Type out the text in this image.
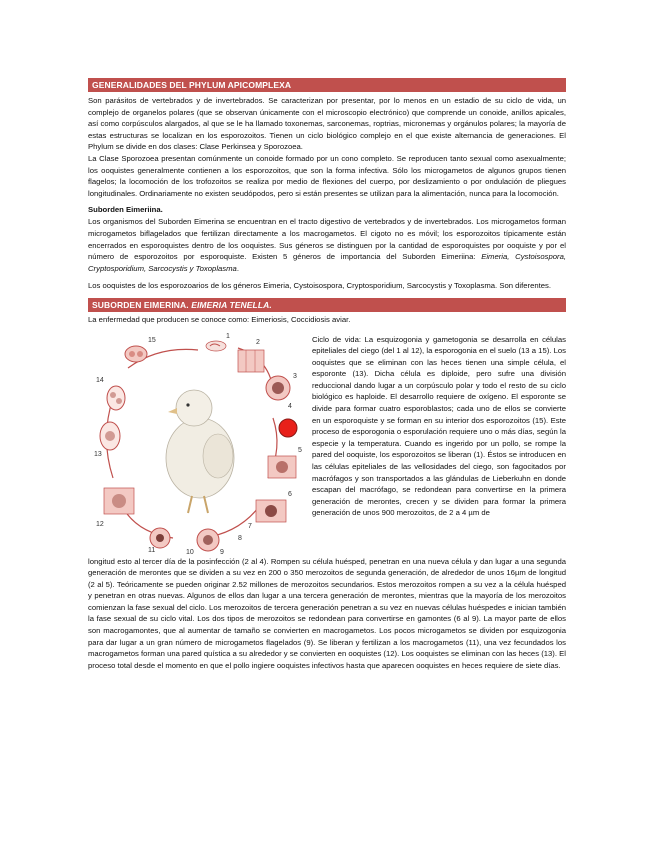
GENERALIDADES DEL PHYLUM APICOMPLEXA

Son parásitos de vertebrados y de invertebrados. Se caracterizan por presentar, por lo menos en un estadio de su ciclo de vida, un complejo de organelos polares (que se observan únicamente con el microscopio electrónico) que comprende un conoide, anillos apicales, así como corpúsculos alargados, al que se le ha llamado toxonemas, sarconemas, roptrias, micronemas y orgánulos polares; la mayoría de estas estructuras se localizan en los esporozoitos. Tienen un ciclo biológico complejo en el que existe alternancia de generaciones. El Phylum se divide en dos clases: Clase Perkinsea y Sporozoea.

La Clase Sporozoea presentan comúnmente un conoide formado por un cono completo. Se reproducen tanto sexual como asexualmente; los ooquistes generalmente contienen a los esporozoitos, que son la forma infectiva. Sólo los microgametos de algunos grupos tienen flagelos; la locomoción de los trofozoitos se realiza por medio de flexiones del cuerpo, por deslizamiento o por ondulación de pliegues longitudinales. Ordinariamente no existen seudópodos, pero si están presentes se utilizan para la alimentación, nunca para la locomoción.

Suborden Eimeriina.

Los organismos del Suborden Eimerina se encuentran en el tracto digestivo de vertebrados y de invertebrados. Los microgametos forman microgametos biflagelados que fertilizan directamente a los macrogametos. El cigoto no es móvil; los esporozoitos típicamente están encerrados en esporoquistes dentro de los ooquistes. Sus géneros se distinguen por la cantidad de esporoquistes por ooquiste y por el número de esporozoitos por esporoquiste. Existen 5 géneros de importancia del Suborden Eimeriina: Eimeria, Cystoisospora, Cryptosporidium, Sarcocystis y Toxoplasma.

Los ooquistes de los esporozoarios de los géneros Eimeria, Cystoisospora, Cryptosporidium, Sarcocystis y Toxoplasma. Son diferentes.

SUBORDEN EIMERINA. EIMERIA TENELLA.

La enfermedad que producen se conoce como: Eimeriosis, Coccidiosis aviar.

15
1
2
3
4
5
6
7
8
9
10
11
12
13
14

Ciclo de vida: La esquizogonia y gametogonia se desarrolla en células epiteliales del ciego (del 1 al 12), la esporogonia en el suelo (13 a 15). Los ooquistes que se eliminan con las heces tienen una simple célula, el esporonte (13). Dicha célula es diploide, pero sufre una división reduccional dando lugar a un corpúsculo polar y todo el resto de su ciclo biológico es haploide. El desarrollo requiere de oxígeno. El esporonte se divide para formar cuatro esporoblastos; cada uno de ellos se convierte en un esporoquiste y se forman en su interior dos esporozoitos (15). Este proceso de esporogonia o esporulación requiere uno o más días, según la especie y la temperatura. Cuando es ingerido por un pollo, se rompe la pared del ooquiste, los esporozoitos se liberan (1). Éstos se introducen en las células epiteliales de las vellosidades del ciego, son fagocitados por macrófagos y son transportados a las glándulas de Lieberkuhn en donde escapan del macrófago, se redondean para convertirse en la primera generación de merontes, crecen y se dividen para formar la primera generación de unos 900 merozoitos, de 2 a 4 µm de

longitud esto al tercer día de la posinfección (2 al 4). Rompen su célula huésped, penetran en una nueva célula y dan lugar a una segunda generación de merontes que se dividen a su vez en 200 o 350 merozoitos de segunda generación, de alrededor de unos 16µm de longitud (2 al 5). Teóricamente se pueden originar 2.52 millones de merozoitos secundarios. Estos merozoitos rompen a su vez a la célula huésped y penetran en otras nuevas. Algunos de ellos dan lugar a una tercera generación de merontes, mientras que la mayoría de los merozoitos comienzan la fase sexual del ciclo. Los merozoitos de tercera generación penetran a su vez en nuevas células huéspedes e inician también la fase sexual de su ciclo vital. Los dos tipos de merozoitos se redondean para convertirse en gamontes (6 al 9). La mayor parte de ellos son macrogamontes, que al aumentar de tamaño se convierten en macrogametos. Los pocos microgametos se dividen por esquizogonia para dar lugar a un gran número de microgametos flagelados (9). Se liberan y fertilizan a los macrogametos (11), una vez fecundados los macrogametos forman una pared quística a su alrededor y se convierten en ooquistes (12). Los ooquistes se eliminan con las heces (13). El proceso total desde el momento en que el pollo ingiere ooquistes infectivos hasta que aparecen ooquistes en heces requiere de siete días.
